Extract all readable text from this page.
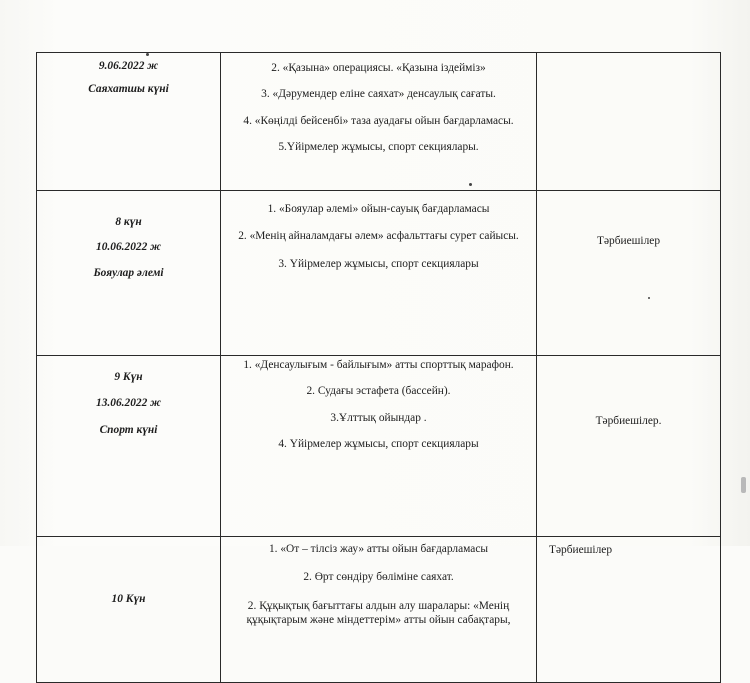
9.06.2022 ж
Саяхатшы күні	2. «Қазына» операциясы. «Қазына іздейміз»
3. «Дәрумендер еліне саяхат» денсаулық сағаты.
4. «Көңілді бейсенбі» таза ауадағы ойын бағдарламасы.
5.Үйірмелер жұмысы, спорт секциялары.	

8 күн
10.06.2022 ж
Бояулар әлемі	1. «Бояулар әлемі» ойын-сауық бағдарламасы
2. «Менің айналамдағы әлем» асфальттағы сурет сайысы.
3. Үйірмелер жұмысы, спорт секциялары	Тәрбиешілер

9 Күн
13.06.2022 ж
Спорт күні	1. «Денсаулығым - байлығым» атты спорттық марафон.
2. Судағы эстафета (бассейн).
3.Ұлттық ойындар .
4. Үйірмелер жұмысы, спорт секциялары	Тәрбиешілер.

10 Күн	1. «От – тілсіз жау» атты ойын бағдарламасы
2. Өрт сөндіру бөліміне саяхат.
2. Құқықтық бағыттағы алдын алу шаралары: «Менің
құқықтарым және міндеттерім» атты ойын сабақтары,	Тәрбиешілер
